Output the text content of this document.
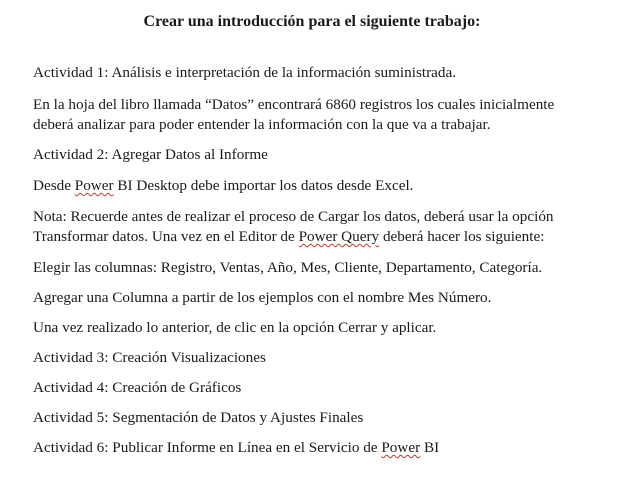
Crear una introducción para el siguiente trabajo:

Actividad 1: Análisis e interpretación de la información suministrada.

En la hoja del libro llamada “Datos” encontrará 6860 registros los cuales inicialmente

deberá analizar para poder entender la información con la que va a trabajar.

Actividad 2: Agregar Datos al Informe

Desde Power BI Desktop debe importar los datos desde Excel.

Nota: Recuerde antes de realizar el proceso de Cargar los datos, deberá usar la opción

Transformar datos. Una vez en el Editor de Power Query deberá hacer los siguiente:

Elegir las columnas: Registro, Ventas, Año, Mes, Cliente, Departamento, Categoría.

Agregar una Columna a partir de los ejemplos con el nombre Mes Número.

Una vez realizado lo anterior, de clic en la opción Cerrar y aplicar.

Actividad 3: Creación Visualizaciones

Actividad 4: Creación de Gráficos

Actividad 5: Segmentación de Datos y Ajustes Finales

Actividad 6: Publicar Informe en Línea en el Servicio de Power BI
